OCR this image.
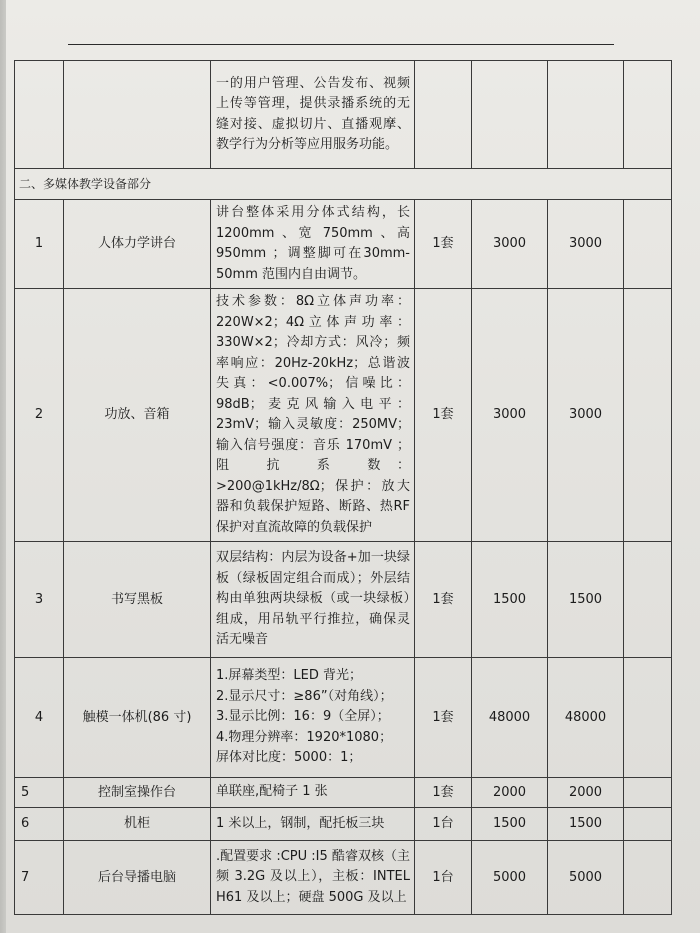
		一的用户管理、公告发布、视频上传等管理，提供录播系统的无缝对接、虚拟切片、直播观摩、教学行为分析等应用服务功能。				
二、多媒体教学设备部分						
1	人体力学讲台	讲台整体采用分体式结构，长1200mm 、宽 750mm 、高950mm ；调整脚可在30mm-50mm 范围内自由调节。	1套	3000	3000	
2	功放、音箱	技术参数：8Ω立体声功率：220W×2；4Ω立体声功率：330W×2；冷却方式：风冷；频率响应：20Hz-20kHz；总谐波失真：<0.007%；信噪比：98dB；麦克风输入电平：23mV；输入灵敏度：250MV；输入信号强度：音乐 170mV ； 阻 抗 系 数：>200@1kHz/8Ω；保护：放大器和负载保护短路、断路、热RF 保护对直流故障的负载保护	1套	3000	3000	
3	书写黑板	双层结构：内层为设备+加一块绿板（绿板固定组合而成）；外层结构由单独两块绿板（或一块绿板）组成，用吊轨平行推拉，确保灵活无噪音	1套	1500	1500	
4	触模一体机(86 寸)	1.屏幕类型：LED 背光；
2.显示尺寸：≥86”（对角线）；
3.显示比例：16：9（全屏）；
4.物理分辨率：1920*1080；
屏体对比度：5000：1；	1套	48000	48000	
5	控制室操作台	单联座,配椅子 1 张	1套	2000	2000	
6	机柜	1 米以上，钢制，配托板三块	1台	1500	1500	
7	后台导播电脑	.配置要求 :CPU :I5 酷睿双核（主频 3.2G 及以上），主板：INTEL H61 及以上；硬盘 500G 及以上	1台	5000	5000	
